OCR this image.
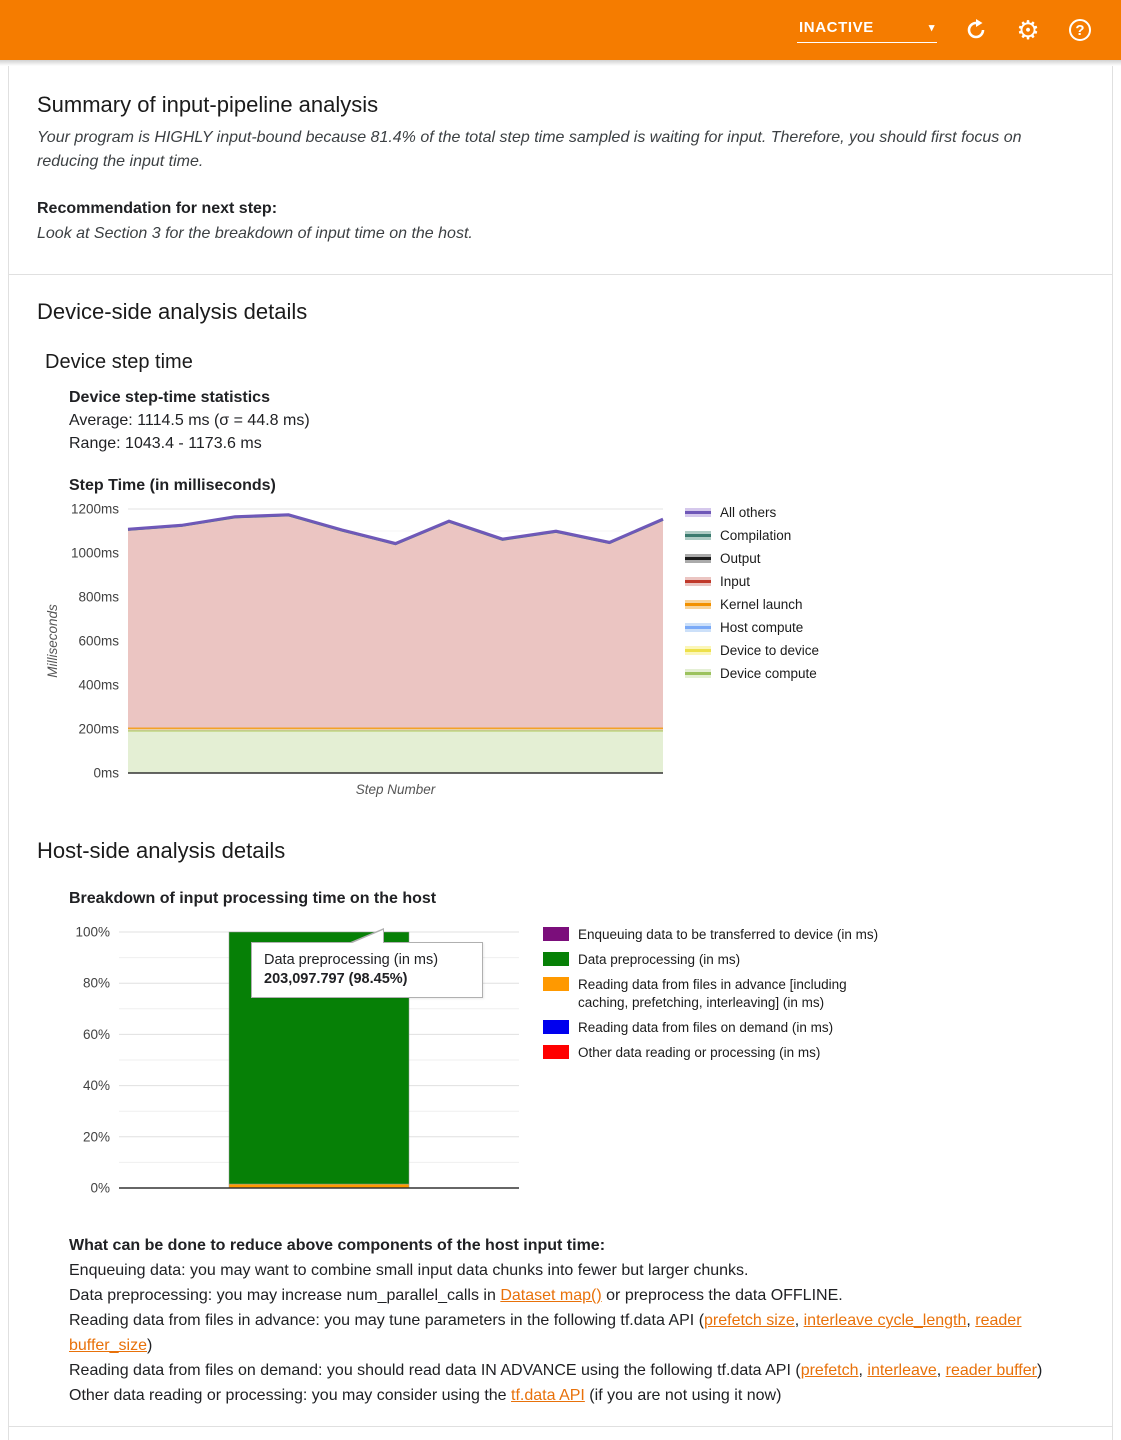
INACTIVE	▾	⚙	?
Summary of input-pipeline analysis
Your program is HIGHLY input-bound because 81.4% of the total step time sampled is waiting for input. Therefore, you should first focus on reducing the input time.
Recommendation for next step:
Look at Section 3 for the breakdown of input time on the host.
Device-side analysis details
Device step time
Device step-time statistics
Average: 1114.5 ms (σ = 44.8 ms)
Range: 1043.4 - 1173.6 ms
Step Time (in milliseconds)
0ms
200ms
400ms
600ms
800ms
1000ms
1200ms
Step Number
Milliseconds
All others
Compilation
Output
Input
Kernel launch
Host compute
Device to device
Device compute
Host-side analysis details
Breakdown of input processing time on the host
0%
20%
40%
60%
80%
100%
Data preprocessing (in ms)
203,097.797 (98.45%)
Enqueuing data to be transferred to device (in ms)
Data preprocessing (in ms)
Reading data from files in advance [including caching, prefetching, interleaving] (in ms)
Reading data from files on demand (in ms)
Other data reading or processing (in ms)
What can be done to reduce above components of the host input time:
Enqueuing data: you may want to combine small input data chunks into fewer but larger chunks.
Data preprocessing: you may increase num_parallel_calls in Dataset map() or preprocess the data OFFLINE.
Reading data from files in advance: you may tune parameters in the following tf.data API (prefetch size, interleave cycle_length, reader buffer_size)
Reading data from files on demand: you should read data IN ADVANCE using the following tf.data API (prefetch, interleave, reader buffer)
Other data reading or processing: you may consider using the tf.data API (if you are not using it now)
